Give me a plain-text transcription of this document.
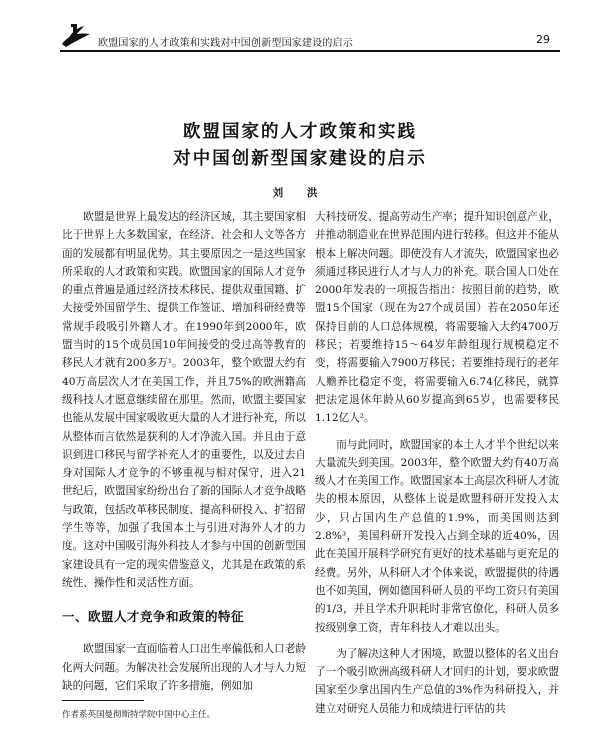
欧盟国家的人才政策和实践对中国创新型国家建设的启示	29
欧盟国家的人才政策和实践
对中国创新型国家建设的启示
刘 洪

欧盟是世界上最发达的经济区域，其主要国家相比于世界上大多数国家，在经济、社会和人文等各方面的发展都有明显优势。其主要原因之一是这些国家所采取的人才政策和实践。欧盟国家的国际人才竞争的重点普遍是通过经济技术移民、提供双重国籍、扩大接受外国留学生、提供工作签证、增加科研经费等常规手段吸引外籍人才。在1990年到2000年，欧盟当时的15个成员国10年间接受的受过高等教育的移民人才就有200多万¹。2003年，整个欧盟大约有40万高层次人才在美国工作，并且75%的欧洲籍高级科技人才愿意继续留在那里。然而，欧盟主要国家也能从发展中国家吸收更大量的人才进行补充，所以从整体而言依然是获利的人才净流入国。并且由于意识到进口移民与留学补充人才的重要性，以及过去自身对国际人才竞争的不够重视与相对保守，进入21世纪后，欧盟国家纷纷出台了新的国际人才竞争战略与政策，包括改革移民制度、提高科研投入、扩招留学生等等，加强了我国本土与引进对海外人才的力度。这对中国吸引海外科技人才参与中国的创新型国家建设具有一定的现实借鉴意义，尤其是在政策的系统性、操作性和灵活性方面。

一、欧盟人才竞争和政策的特征

欧盟国家一直面临着人口出生率偏低和人口老龄化两大问题。为解决社会发展所出现的人才与人力短缺的问题，它们采取了许多措施，例如加

大科技研发、提高劳动生产率；提升知识创意产业，并推动制造业在世界范围内进行转移。但这并不能从根本上解决问题。即使没有人才流失，欧盟国家也必须通过移民进行人才与人力的补充。联合国人口处在2000年发表的一项报告指出：按照目前的趋势，欧盟15个国家（现在为27个成员国）若在2050年还保持目前的人口总体规模，将需要输入大约4700万移民；若要维持15～64岁年龄组现行规模稳定不变，将需要输入7900万移民；若要维持现行的老年人赡养比稳定不变，将需要输入6.74亿移民，就算把法定退休年龄从60岁提高到65岁，也需要移民1.12亿人²。

而与此同时，欧盟国家的本土人才半个世纪以来大量流失到美国。2003年，整个欧盟大约有40万高级人才在美国工作。欧盟国家本土高层次科研人才流失的根本原因，从整体上说是欧盟科研开发投入太少，只占国内生产总值的1.9%，而美国则达到2.8%³，美国科研开发投入占到全球的近40%，因此在美国开展科学研究有更好的技术基础与更充足的经费。另外，从科研人才个体来说，欧盟提供的待遇也不如美国，例如德国科研人员的平均工资只有美国的1/3，并且学术升职耗时非常官僚化，科研人员多按级别拿工资，青年科技人才难以出头。

为了解决这种人才困境，欧盟以整体的名义出台了一个吸引欧洲高级科研人才回归的计划，要求欧盟国家至少拿出国内生产总值的3%作为科研投入，并建立对研究人员能力和成绩进行评估的共

作者系英国曼彻斯特学院中国中心主任。
